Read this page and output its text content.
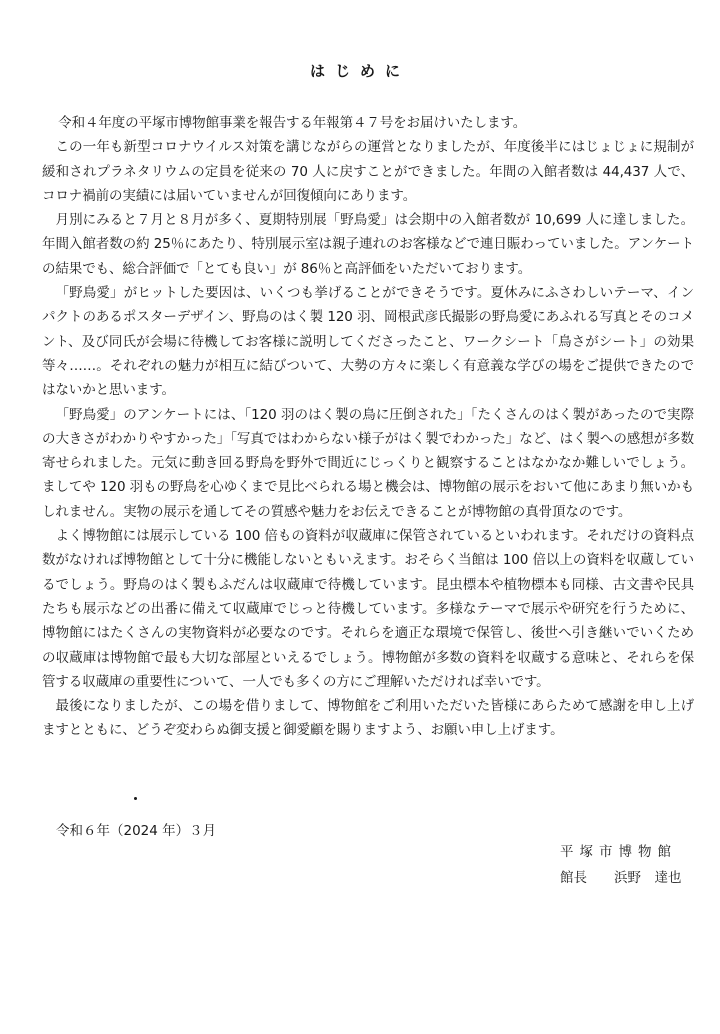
はじめに

令和４年度の平塚市博物館事業を報告する年報第４７号をお届けいたします。

この一年も新型コロナウイルス対策を講じながらの運営となりましたが、年度後半にはじょじょに規制が緩和されプラネタリウムの定員を従来の 70 人に戻すことができました。年間の入館者数は 44,437 人で、コロナ禍前の実績には届いていませんが回復傾向にあります。

月別にみると７月と８月が多く、夏期特別展「野鳥愛」は会期中の入館者数が 10,699 人に達しました。年間入館者数の約 25％にあたり、特別展示室は親子連れのお客様などで連日賑わっていました。アンケートの結果でも、総合評価で「とても良い」が 86％と高評価をいただいております。

「野鳥愛」がヒットした要因は、いくつも挙げることができそうです。夏休みにふさわしいテーマ、インパクトのあるポスターデザイン、野鳥のはく製 120 羽、岡根武彦氏撮影の野鳥愛にあふれる写真とそのコメント、及び同氏が会場に待機してお客様に説明してくださったこと、ワークシート「鳥さがシート」の効果等々……。それぞれの魅力が相互に結びついて、大勢の方々に楽しく有意義な学びの場をご提供できたのではないかと思います。

「野鳥愛」のアンケートには、「120 羽のはく製の鳥に圧倒された」「たくさんのはく製があったので実際の大きさがわかりやすかった」「写真ではわからない様子がはく製でわかった」など、はく製への感想が多数寄せられました。元気に動き回る野鳥を野外で間近にじっくりと観察することはなかなか難しいでしょう。ましてや 120 羽もの野鳥を心ゆくまで見比べられる場と機会は、博物館の展示をおいて他にあまり無いかもしれません。実物の展示を通してその質感や魅力をお伝えできることが博物館の真骨頂なのです。

よく博物館には展示している 100 倍もの資料が収蔵庫に保管されているといわれます。それだけの資料点数がなければ博物館として十分に機能しないともいえます。おそらく当館は 100 倍以上の資料を収蔵しているでしょう。野鳥のはく製もふだんは収蔵庫で待機しています。昆虫標本や植物標本も同様、古文書や民具たちも展示などの出番に備えて収蔵庫でじっと待機しています。多様なテーマで展示や研究を行うために、博物館にはたくさんの実物資料が必要なのです。それらを適正な環境で保管し、後世へ引き継いでいくための収蔵庫は博物館で最も大切な部屋といえるでしょう。博物館が多数の資料を収蔵する意味と、それらを保管する収蔵庫の重要性について、一人でも多くの方にご理解いただければ幸いです。

最後になりましたが、この場を借りまして、博物館をご利用いただいた皆様にあらためて感謝を申し上げますとともに、どうぞ変わらぬ御支援と御愛顧を賜りますよう、お願い申し上げます。

令和６年（2024 年）３月
平塚市博物館
館長　　浜野　達也
